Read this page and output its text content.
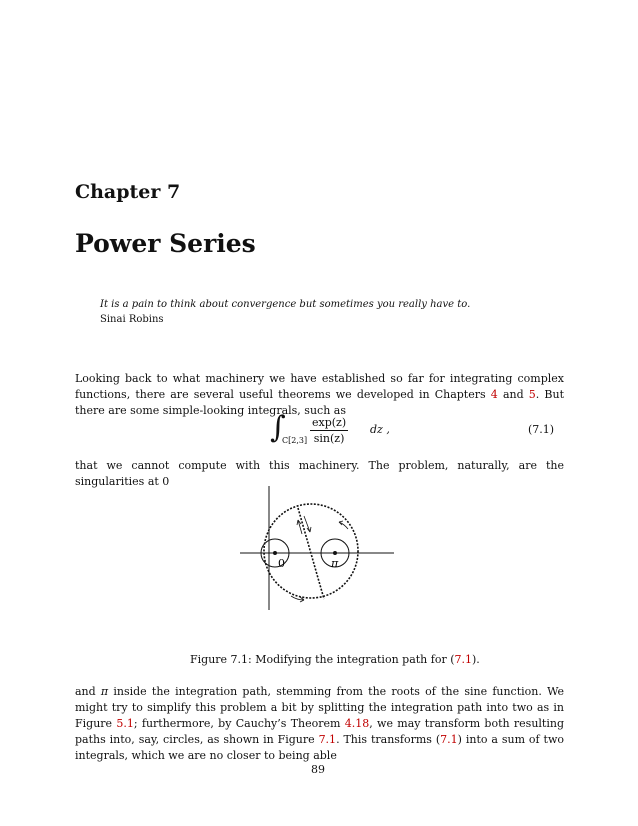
Chapter 7
Power Series
It is a pain to think about convergence but sometimes you really have to.
Sinai Robins
Looking back to what machinery we have established so far for integrating complex functions, there are several useful theorems we developed in Chapters 4 and 5. But there are some simple-looking integrals, such as
∫
C[2,3]
exp(z)
sin(z)
dz ,	(7.1)
that we cannot compute with this machinery. The problem, naturally, are the singularities at 0
0	π
Figure 7.1: Modifying the integration path for (7.1).
and π inside the integration path, stemming from the roots of the sine function. We might try to simplify this problem a bit by splitting the integration path into two as in Figure 5.1; furthermore, by Cauchy’s Theorem 4.18, we may transform both resulting paths into, say, circles, as shown in Figure 7.1. This transforms (7.1) into a sum of two integrals, which we are no closer to being able
89
